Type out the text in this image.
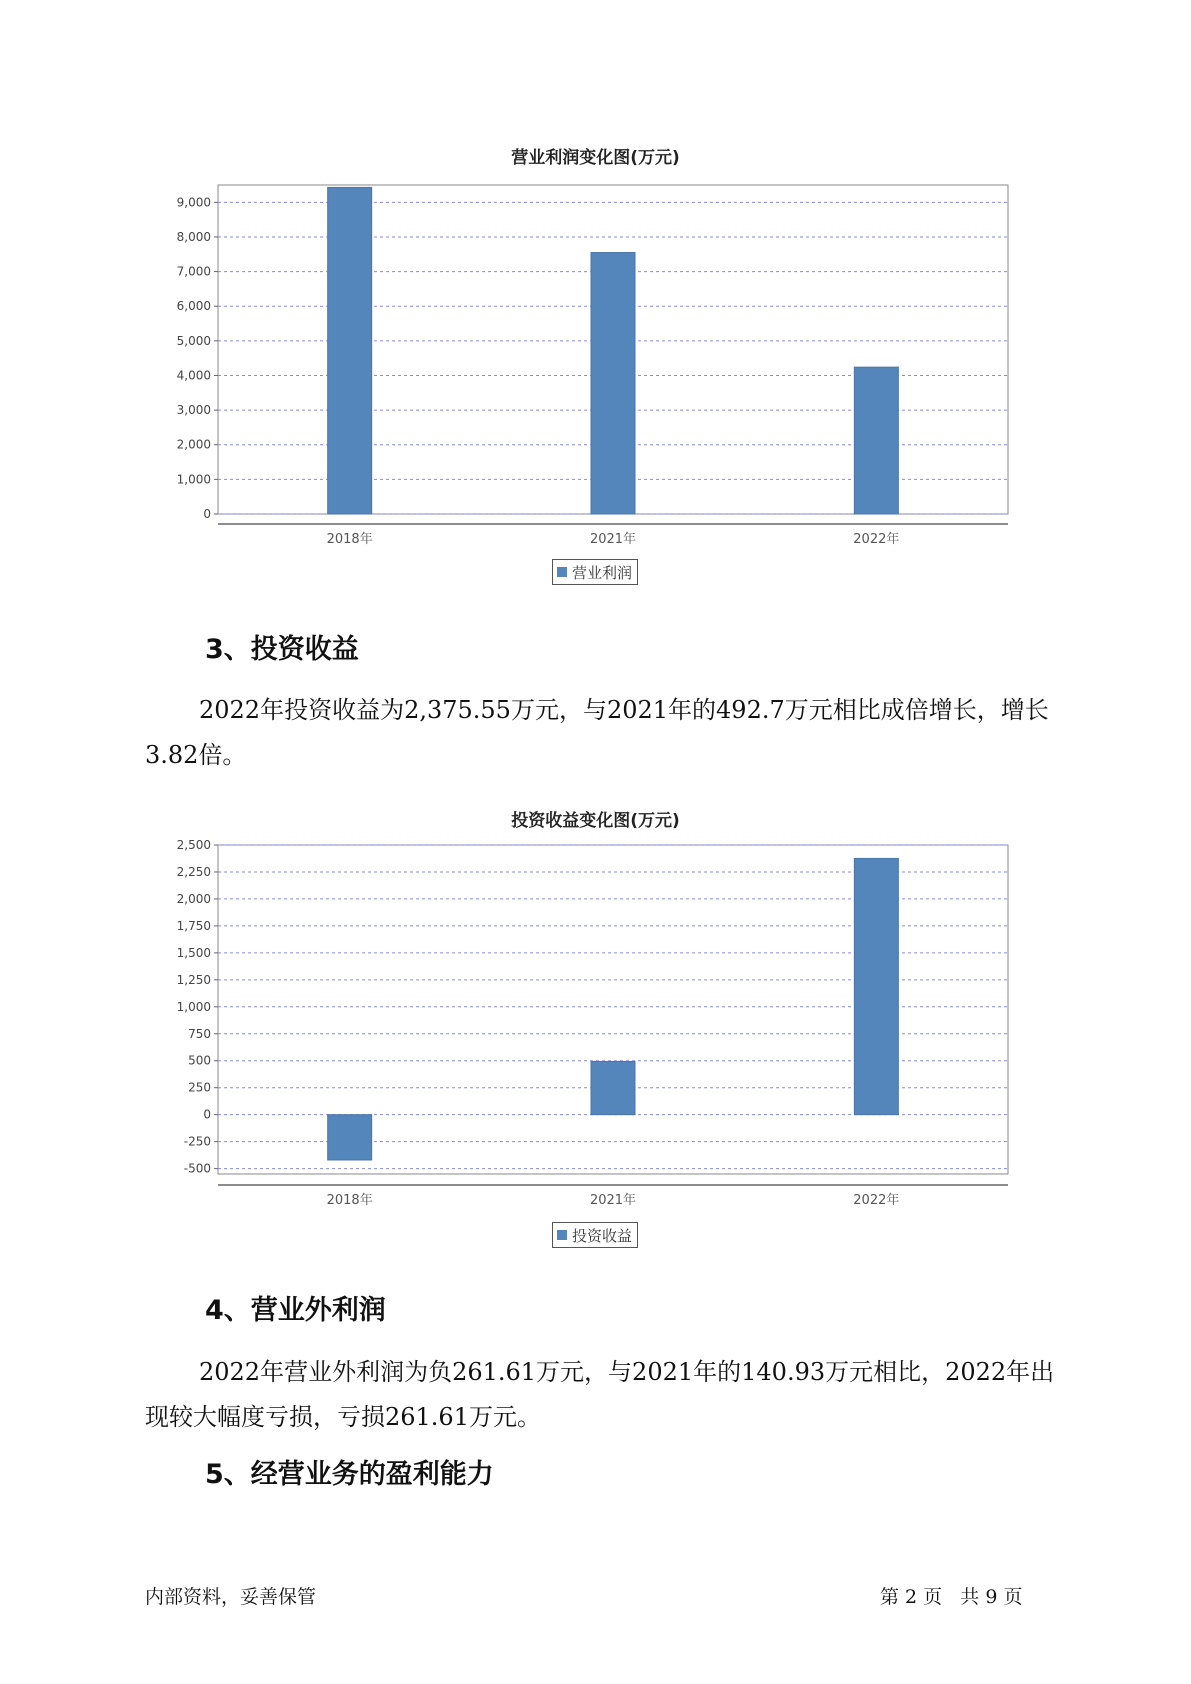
营业利润变化图(万元)
0
1,000
2,000
3,000
4,000
5,000
6,000
7,000
8,000
9,000
2018年	2021年	2022年
营业利润
3、投资收益

2022年投资收益为2,375.55万元，与2021年的492.7万元相比成倍增长，增长3.82倍。

投资收益变化图(万元)
-500
-250
0
250
500
750
1,000
1,250
1,500
1,750
2,000
2,250
2,500
2018年	2021年	2022年
投资收益
4、营业外利润

2022年营业外利润为负261.61万元，与2021年的140.93万元相比，2022年出现较大幅度亏损，亏损261.61万元。

5、经营业务的盈利能力
内部资料，妥善保管	第 2 页   共 9 页
